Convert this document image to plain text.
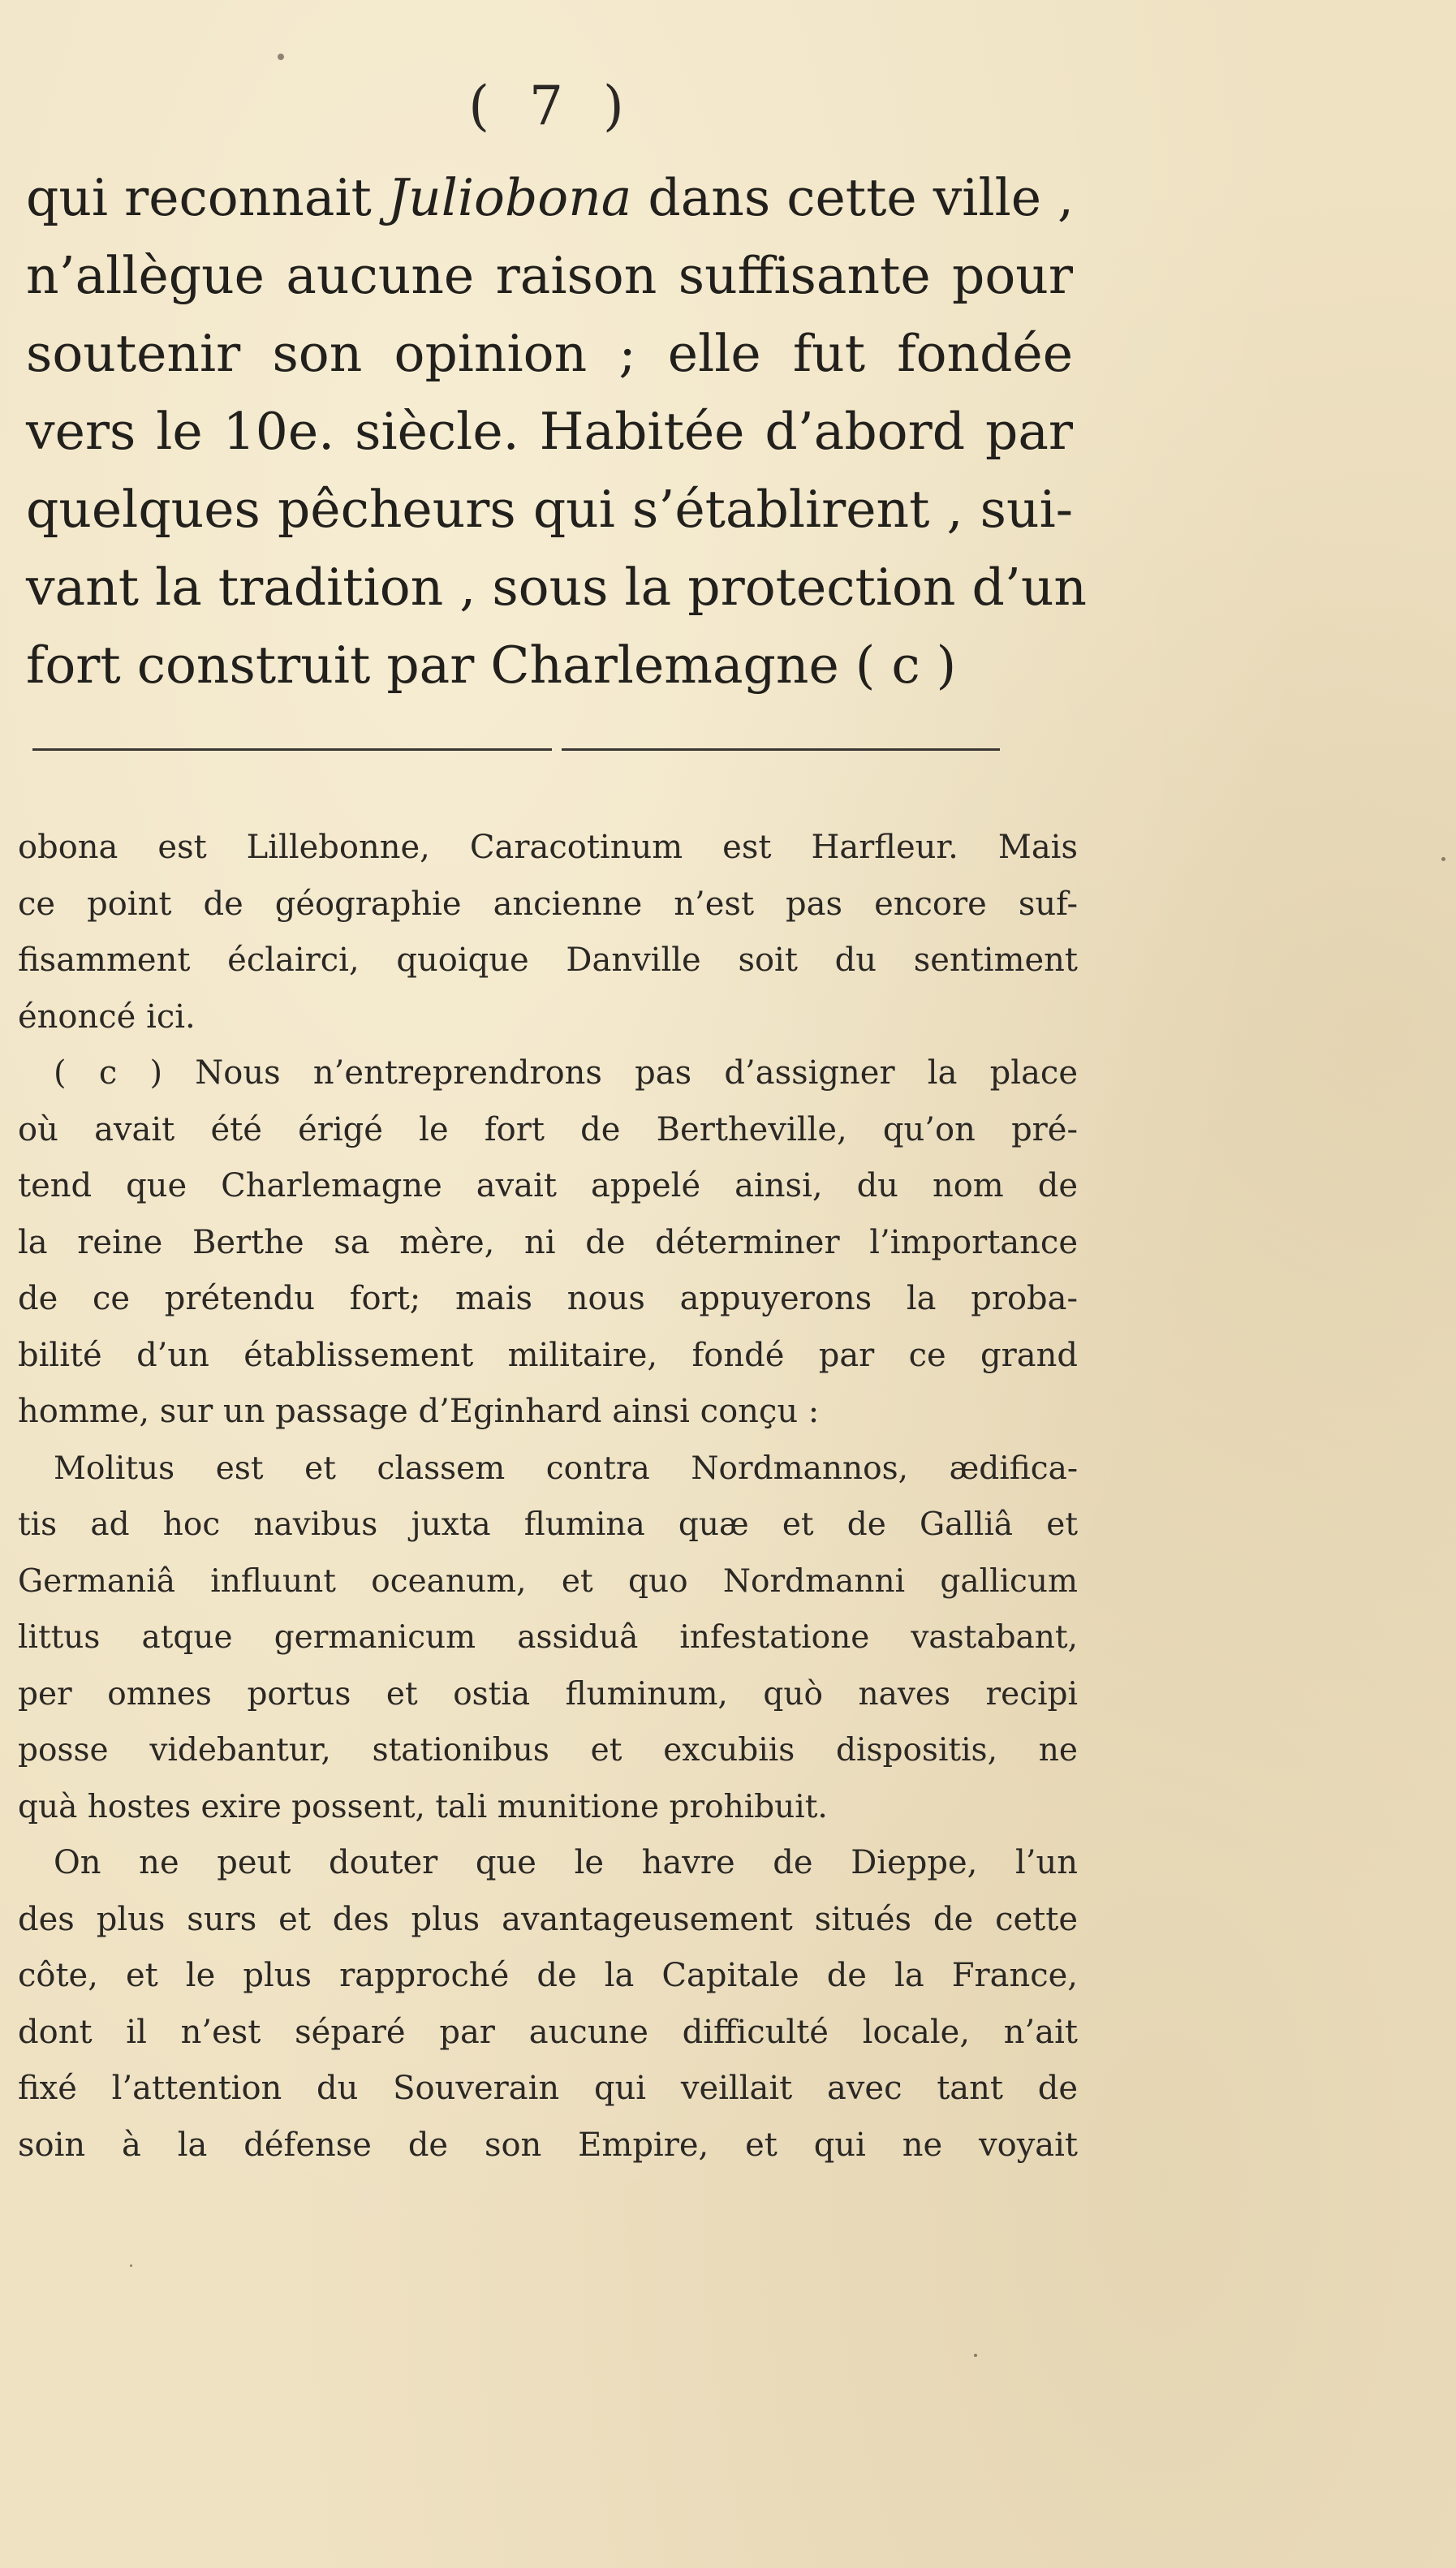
( 7 )
qui reconnait Juliobona dans cette ville ,
n’allègue aucune raison suffisante pour
soutenir son opinion ; elle fut fondée
vers le 10e. siècle. Habitée d’abord par
quelques pêcheurs qui s’établirent , sui-
vant la tradition , sous la protection d’un
fort construit par Charlemagne ( c )
obona est Lillebonne, Caracotinum est Harfleur. Mais
ce point de géographie ancienne n’est pas encore suf-
fisamment éclairci, quoique Danville soit du sentiment
énoncé ici.
( c ) Nous n’entreprendrons pas d’assigner la place
où avait été érigé le fort de Bertheville, qu’on pré-
tend que Charlemagne avait appelé ainsi, du nom de
la reine Berthe sa mère, ni de déterminer l’importance
de ce prétendu fort; mais nous appuyerons la proba-
bilité d’un établissement militaire, fondé par ce grand
homme, sur un passage d’Eginhard ainsi conçu :
Molitus est et classem contra Nordmannos, ædifica-
tis ad hoc navibus juxta flumina quæ et de Galliâ et
Germaniâ influunt oceanum, et quo Nordmanni gallicum
littus atque germanicum assiduâ infestatione vastabant,
per omnes portus et ostia fluminum, quò naves recipi
posse videbantur, stationibus et excubiis dispositis, ne
quà hostes exire possent, tali munitione prohibuit.
On ne peut douter que le havre de Dieppe, l’un
des plus surs et des plus avantageusement situés de cette
côte, et le plus rapproché de la Capitale de la France,
dont il n’est séparé par aucune difficulté locale, n’ait
fixé l’attention du Souverain qui veillait avec tant de
soin à la défense de son Empire, et qui ne voyait
